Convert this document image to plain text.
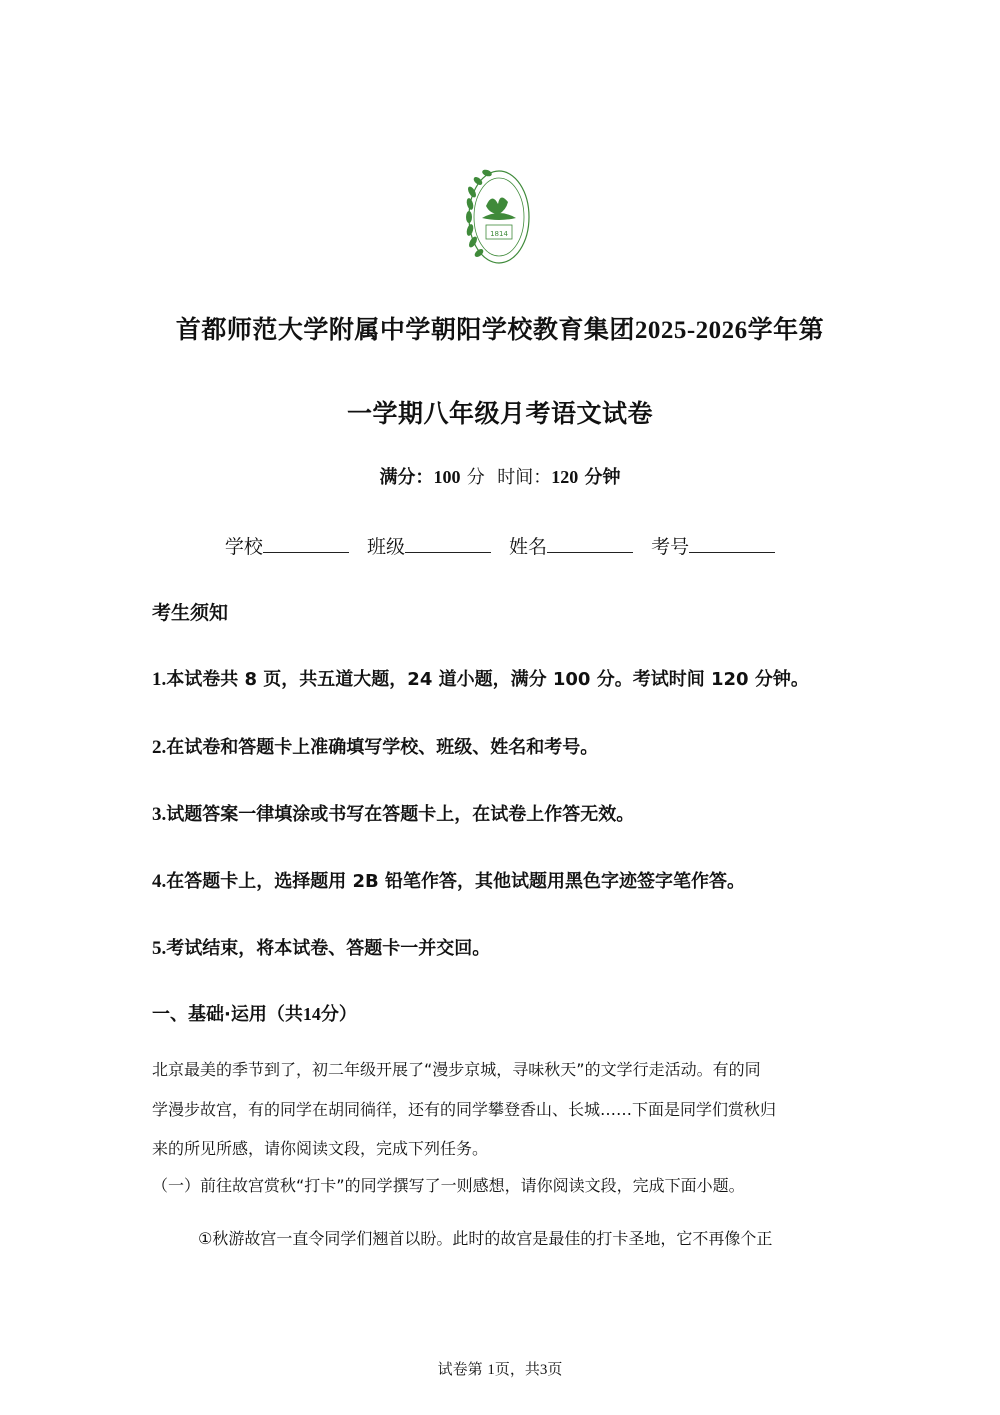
1814
首都师范大学附属中学朝阳学校教育集团2025-2026学年第
一学期八年级月考语文试卷
满分：100 分 时间：120 分钟
学校	班级	姓名	考号
考生须知
1.本试卷共 8 页，共五道大题，24 道小题，满分 100 分。考试时间 120 分钟。
2.在试卷和答题卡上准确填写学校、班级、姓名和考号。
3.试题答案一律填涂或书写在答题卡上，在试卷上作答无效。
4.在答题卡上，选择题用 2B 铅笔作答，其他试题用黑色字迹签字笔作答。
5.考试结束，将本试卷、答题卡一并交回。
一、基础·运用（共14分）
北京最美的季节到了，初二年级开展了“漫步京城，寻味秋天”的文学行走活动。有的同
学漫步故宫，有的同学在胡同徜徉，还有的同学攀登香山、长城……下面是同学们赏秋归
来的所见所感，请你阅读文段，完成下列任务。
（一）前往故宫赏秋“打卡”的同学撰写了一则感想，请你阅读文段，完成下面小题。
①秋游故宫一直令同学们翘首以盼。此时的故宫是最佳的打卡圣地，它不再像个正
试卷第 1页，共3页
